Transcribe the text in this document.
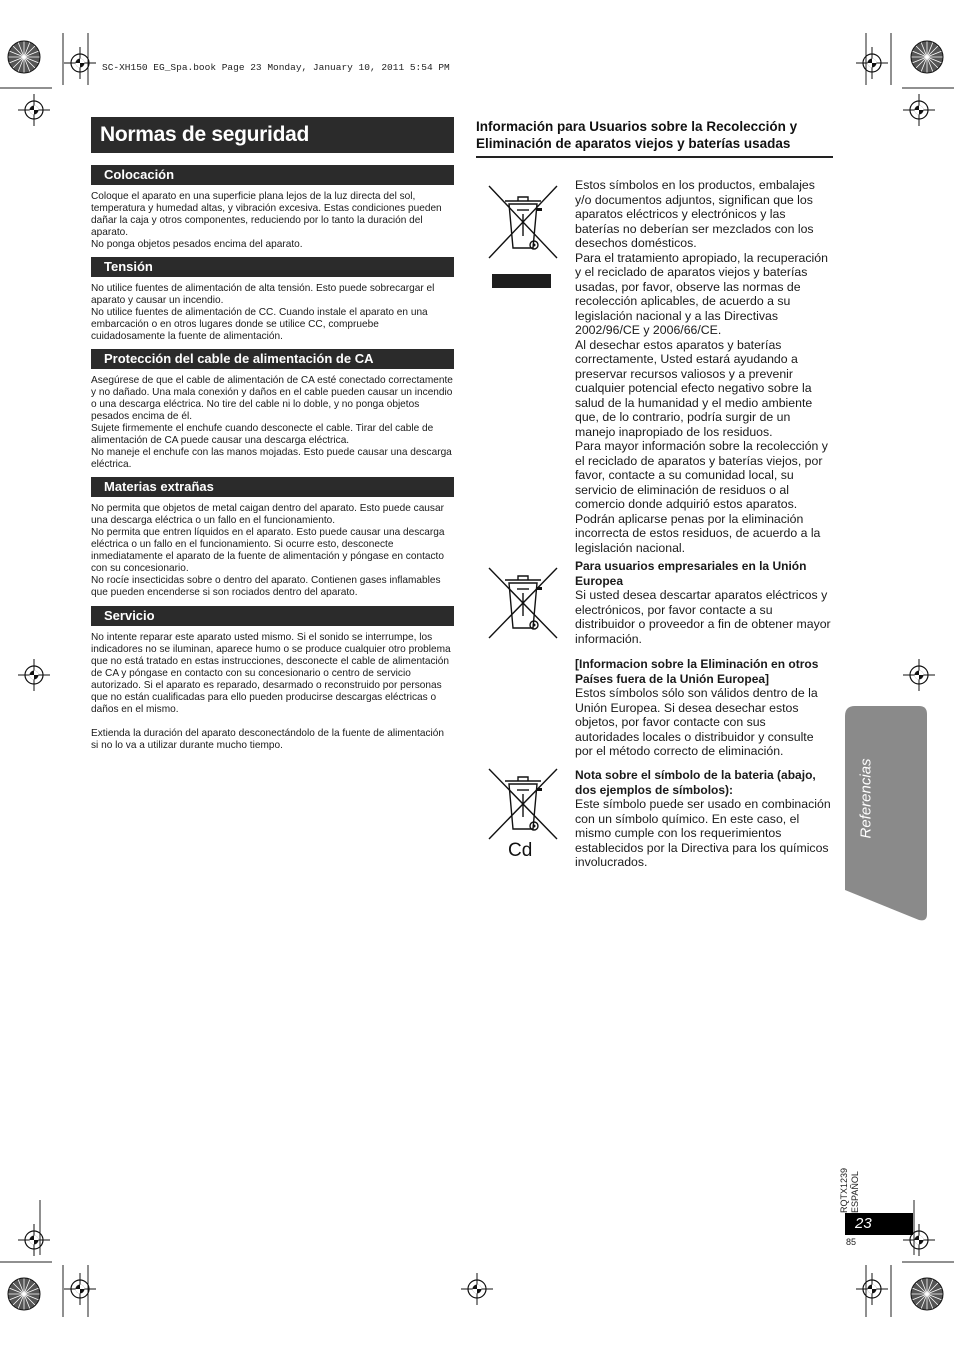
SC-XH150 EG_Spa.book Page 23 Monday, January 10, 2011 5:54 PM
Normas de seguridad
Colocación

Coloque el aparato en una superficie plana lejos de la luz directa del sol, temperatura y humedad altas, y vibración excesiva. Estas condiciones pueden dañar la caja y otros componentes, reduciendo por lo tanto la duración del aparato.

No ponga objetos pesados encima del aparato.

Tensión

No utilice fuentes de alimentación de alta tensión. Esto puede sobrecargar el aparato y causar un incendio.

No utilice fuentes de alimentación de CC. Cuando instale el aparato en una embarcación o en otros lugares donde se utilice CC, compruebe cuidadosamente la fuente de alimentación.

Protección del cable de alimentación de CA

Asegúrese de que el cable de alimentación de CA esté conectado correctamente y no dañado. Una mala conexión y daños en el cable pueden causar un incendio o una descarga eléctrica. No tire del cable ni lo doble, y no ponga objetos pesados encima de él.

Sujete firmemente el enchufe cuando desconecte el cable. Tirar del cable de alimentación de CA puede causar una descarga eléctrica.

No maneje el enchufe con las manos mojadas. Esto puede causar una descarga eléctrica.

Materias extrañas

No permita que objetos de metal caigan dentro del aparato. Esto puede causar una descarga eléctrica o un fallo en el funcionamiento.

No permita que entren líquidos en el aparato. Esto puede causar una descarga eléctrica o un fallo en el funcionamiento. Si ocurre esto, desconecte inmediatamente el aparato de la fuente de alimentación y póngase en contacto con su concesionario.

No rocíe insecticidas sobre o dentro del aparato. Contienen gases inflamables que pueden encenderse si son rociados dentro del aparato.

Servicio

No intente reparar este aparato usted mismo. Si el sonido se interrumpe, los indicadores no se iluminan, aparece humo o se produce cualquier otro problema que no está tratado en estas instrucciones, desconecte el cable de alimentación de CA y póngase en contacto con su concesionario o centro de servicio autorizado. Si el aparato es reparado, desarmado o reconstruido por personas que no están cualificadas para ello pueden producirse descargas eléctricas o daños en el mismo.

Extienda la duración del aparato desconectándolo de la fuente de alimentación si no lo va a utilizar durante mucho tiempo.

Información para Usuarios sobre la Recolección y Eliminación de aparatos viejos y baterías usadas

Estos símbolos en los productos, embalajes y/o documentos adjuntos, significan que los aparatos eléctricos y electrónicos y las baterías no deberían ser mezclados con los desechos domésticos.

Para el tratamiento apropiado, la recuperación y el reciclado de aparatos viejos y baterías usadas, por favor, observe las normas de recolección aplicables, de acuerdo a su legislación nacional y a las Directivas 2002/96/CE y 2006/66/CE.

Al desechar estos aparatos y baterías correctamente, Usted estará ayudando a preservar recursos valiosos y a prevenir cualquier potencial efecto negativo sobre la salud de la humanidad y el medio ambiente que, de lo contrario, podría surgir de un manejo inapropiado de los residuos.

Para mayor información sobre la recolección y el reciclado de aparatos y baterías viejos, por favor, contacte a su comunidad local, su servicio de eliminación de residuos o al comercio donde adquirió estos aparatos.

Podrán aplicarse penas por la eliminación incorrecta de estos residuos, de acuerdo a la legislación nacional.

Para usuarios empresariales en la Unión Europea

Si usted desea descartar aparatos eléctricos y electrónicos, por favor contacte a su distribuidor o proveedor a fin de obtener mayor información.

[Informacion sobre la Eliminación en otros Países fuera de la Unión Europea]

Estos símbolos sólo son válidos dentro de la Unión Europea. Si desea desechar estos objetos, por favor contacte con sus autoridades locales o distribuidor y consulte por el método correcto de eliminación.

Cd

Nota sobre el símbolo de la bateria (abajo, dos ejemplos de símbolos):

Este símbolo puede ser usado en combinación con un símbolo químico. En este caso, el mismo cumple con los requerimientos establecidos por la Directiva para los químicos involucrados.

Referencias
RQTX1239 ESPAÑOL
23
85
